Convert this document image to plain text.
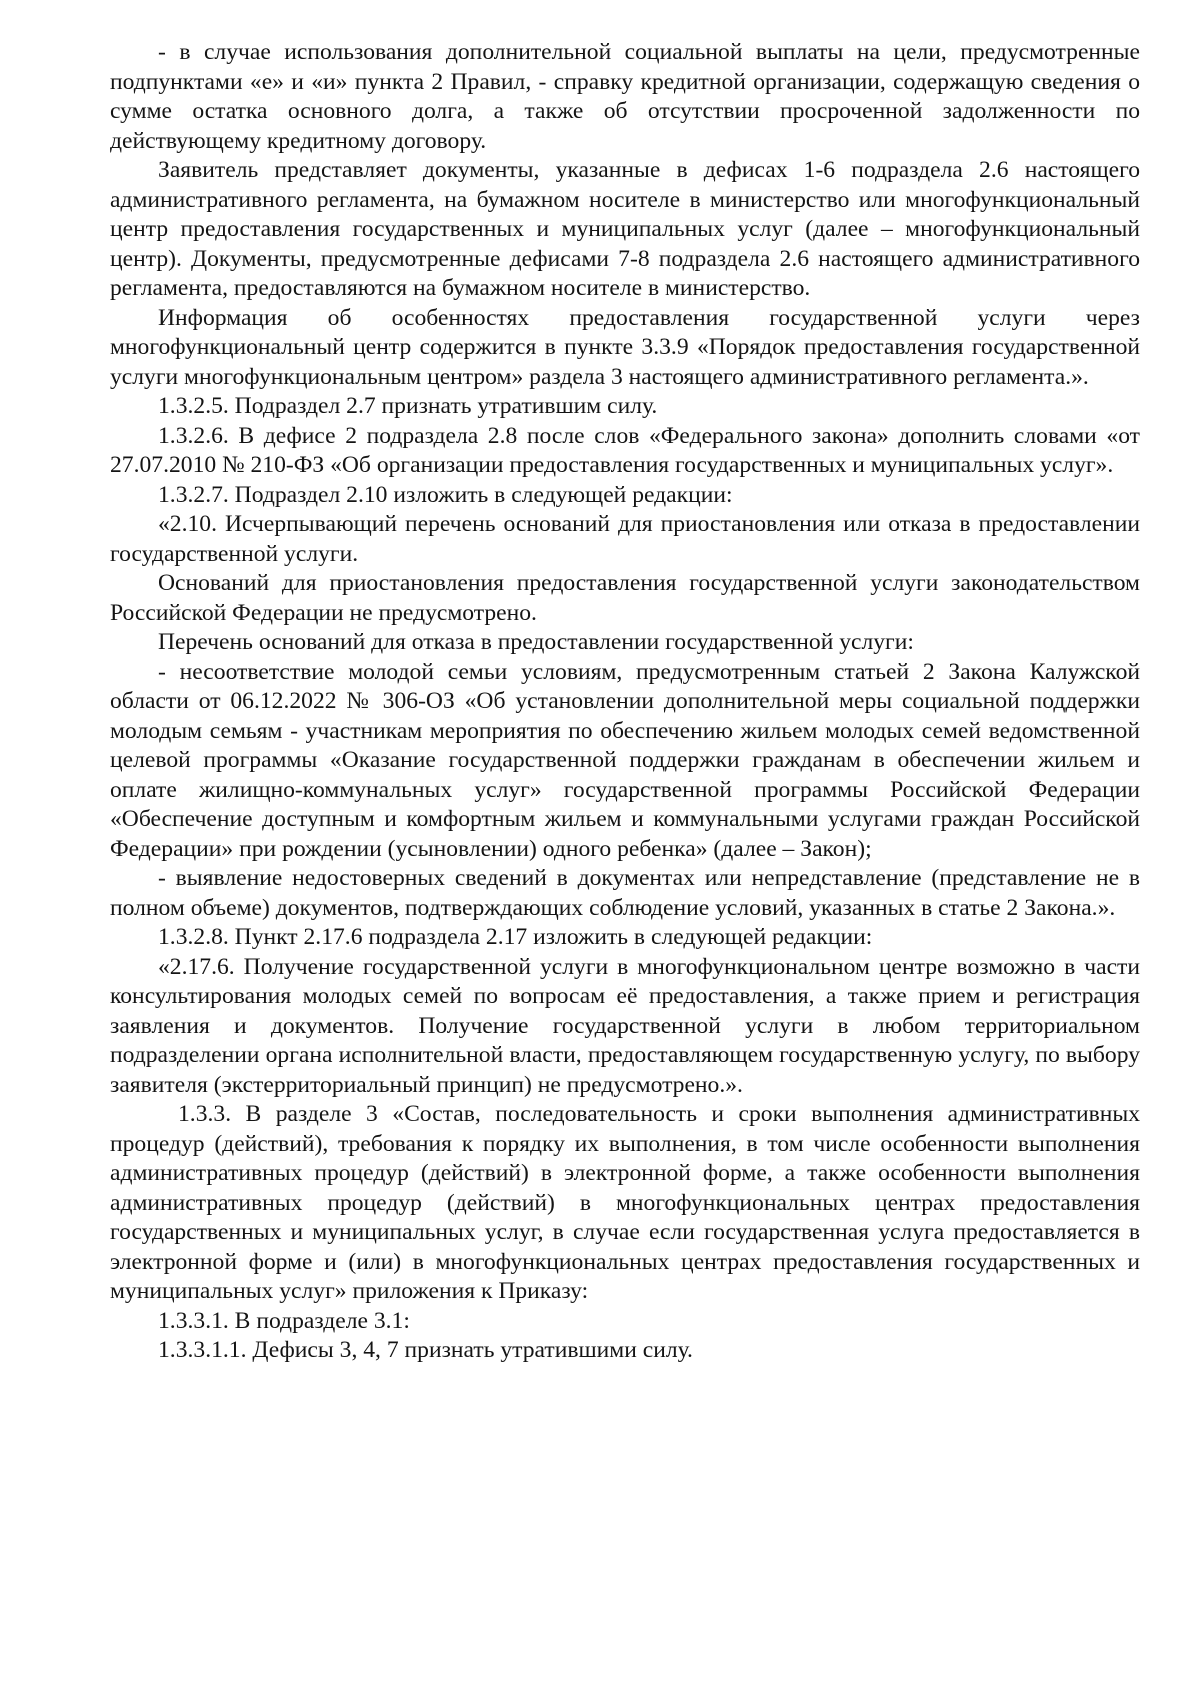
- в случае использования дополнительной социальной выплаты на цели, предусмотренные подпунктами «е» и «и» пункта 2 Правил, - справку кредитной организации, содержащую сведения о сумме остатка основного долга, а также об отсутствии просроченной задолженности по действующему кредитному договору.

Заявитель представляет документы, указанные в дефисах 1-6 подраздела 2.6 настоящего административного регламента, на бумажном носителе в министерство или многофункциональный центр предоставления государственных и муниципальных услуг (далее – многофункциональный центр). Документы, предусмотренные дефисами 7-8 подраздела 2.6 настоящего административного регламента, предоставляются на бумажном носителе в министерство.

Информация об особенностях предоставления государственной услуги через многофункциональный центр содержится в пункте 3.3.9 «Порядок предоставления государственной услуги многофункциональным центром» раздела 3 настоящего административного регламента.».

1.3.2.5. Подраздел 2.7 признать утратившим силу.

1.3.2.6. В дефисе 2 подраздела 2.8 после слов «Федерального закона» дополнить словами «от 27.07.2010 № 210-ФЗ «Об организации предоставления государственных и муниципальных услуг».

1.3.2.7. Подраздел 2.10 изложить в следующей редакции:

«2.10. Исчерпывающий перечень оснований для приостановления или отказа в предоставлении государственной услуги.

Оснований для приостановления предоставления государственной услуги законодательством Российской Федерации не предусмотрено.

Перечень оснований для отказа в предоставлении государственной услуги:

- несоответствие молодой семьи условиям, предусмотренным статьей 2 Закона Калужской области от 06.12.2022 № 306-ОЗ «Об установлении дополнительной меры социальной поддержки молодым семьям - участникам мероприятия по обеспечению жильем молодых семей ведомственной целевой программы «Оказание государственной поддержки гражданам в обеспечении жильем и оплате жилищно-коммунальных услуг» государственной программы Российской Федерации «Обеспечение доступным и комфортным жильем и коммунальными услугами граждан Российской Федерации» при рождении (усыновлении) одного ребенка» (далее – Закон);

- выявление недостоверных сведений в документах или непредставление (представление не в полном объеме) документов, подтверждающих соблюдение условий, указанных в статье 2 Закона.».

1.3.2.8. Пункт 2.17.6 подраздела 2.17 изложить в следующей редакции:

«2.17.6. Получение государственной услуги в многофункциональном центре возможно в части консультирования молодых семей по вопросам её предоставления, а также прием и регистрация заявления и документов. Получение государственной услуги в любом территориальном подразделении органа исполнительной власти, предоставляющем государственную услугу, по выбору заявителя (экстерриториальный принцип) не предусмотрено.».

1.3.3. В разделе 3 «Состав, последовательность и сроки выполнения административных процедур (действий), требования к порядку их выполнения, в том числе особенности выполнения административных процедур (действий) в электронной форме, а также особенности выполнения административных процедур (действий) в многофункциональных центрах предоставления государственных и муниципальных услуг, в случае если государственная услуга предоставляется в электронной форме и (или) в многофункциональных центрах предоставления государственных и муниципальных услуг» приложения к Приказу:

1.3.3.1. В подразделе 3.1:

1.3.3.1.1. Дефисы 3, 4, 7 признать утратившими силу.
